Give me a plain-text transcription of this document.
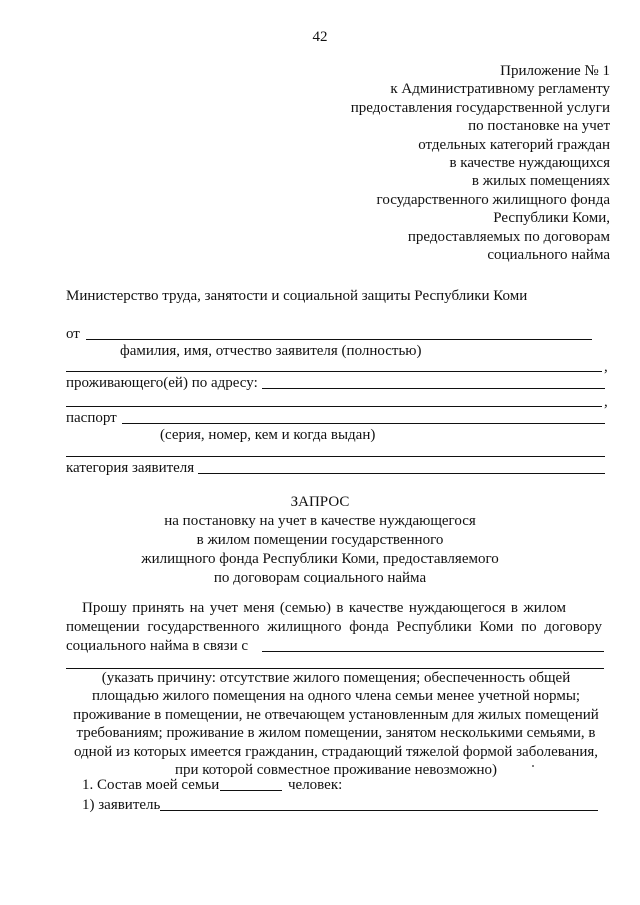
42
Приложение № 1
к Административному регламенту
предоставления государственной услуги
по постановке на учет
отдельных категорий граждан
в качестве нуждающихся
в жилых помещениях
государственного жилищного фонда
Республики Коми,
предоставляемых по договорам
социального найма
Министерство труда, занятости и социальной защиты Республики Коми
от
фамилия, имя, отчество заявителя (полностью)
,
проживающего(ей) по адресу:
,
паспорт
(серия, номер, кем и когда выдан)
категория заявителя
ЗАПРОС
на постановку на учет в качестве нуждающегося
в жилом помещении государственного
жилищного фонда Республики Коми, предоставляемого
по договорам социального найма
Прошу принять на учет меня (семью) в качестве нуждающегося в жилом
помещении государственного жилищного фонда Республики Коми по договору
социального найма в связи с
(указать причину: отсутствие жилого помещения; обеспеченность общей
площадью жилого помещения на одного члена семьи менее учетной нормы;
проживание в помещении, не отвечающем установленным для жилых помещений
требованиям; проживание в жилом помещении, занятом несколькими семьями, в
одной из которых имеется гражданин, страдающий тяжелой формой заболевания,
при которой совместное проживание невозможно)
1. Состав моей семьи	человек:
1) заявитель
